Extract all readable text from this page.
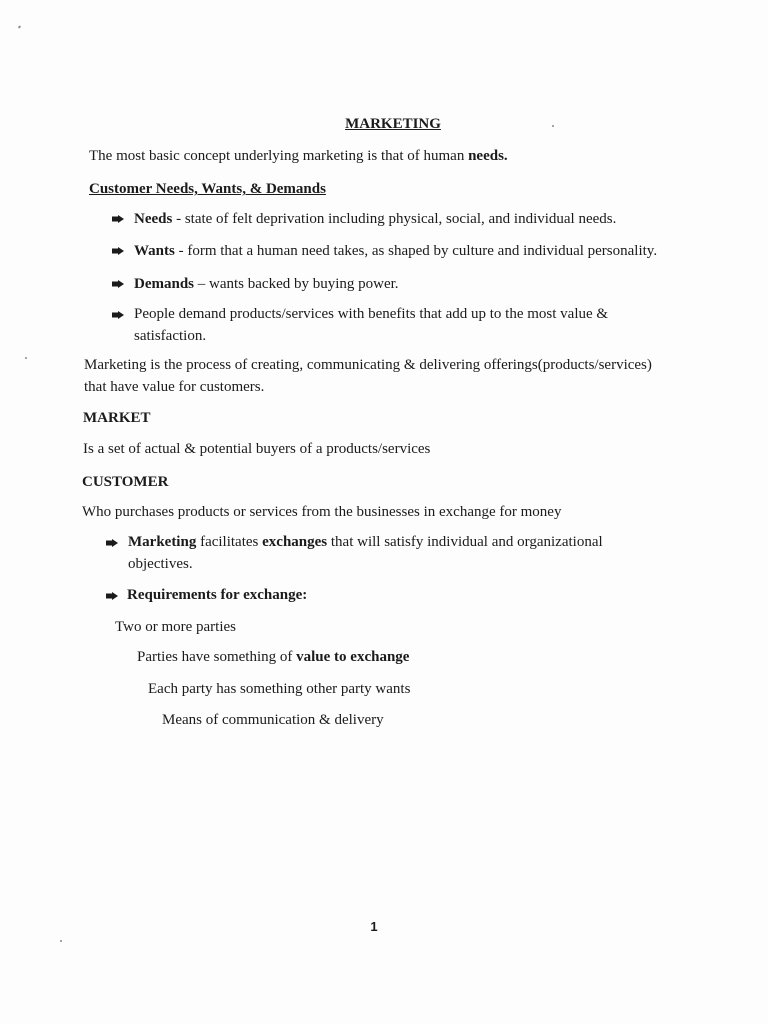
MARKETING
The most basic concept underlying marketing is that of human needs.
Customer Needs, Wants, & Demands
Needs - state of felt deprivation including physical, social, and individual needs.
Wants - form that a human need takes, as shaped by culture and individual personality.
Demands – wants backed by buying power.
People demand products/services with benefits that add up to the most value &
satisfaction.
Marketing is the process of creating, communicating & delivering offerings(products/services)
that have value for customers.
MARKET
Is a set of actual & potential buyers of a products/services
CUSTOMER
Who purchases products or services from the businesses in exchange for money
Marketing facilitates exchanges that will satisfy individual and organizational
objectives.
Requirements for exchange:
Two or more parties
Parties have something of value to exchange
Each party has something other party wants
Means of communication & delivery
1
